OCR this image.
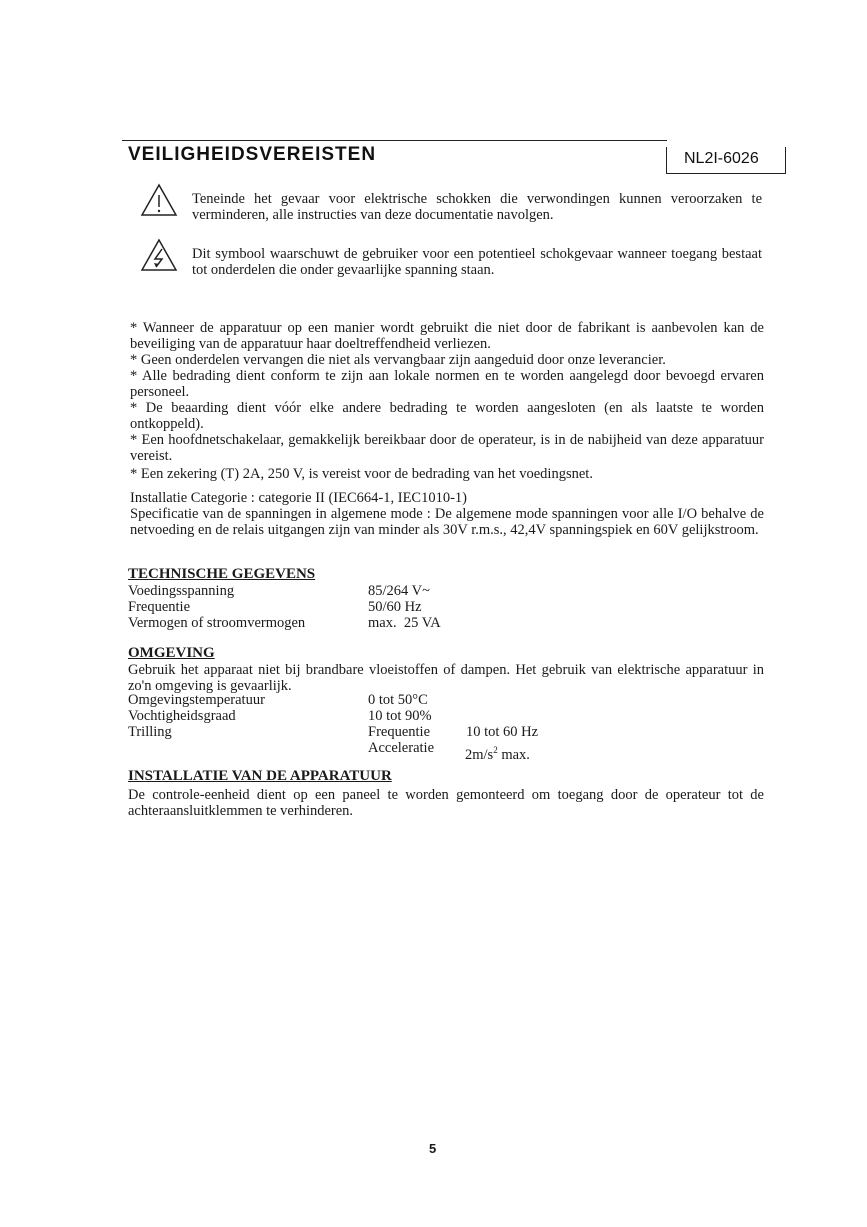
VEILIGHEIDSVEREISTEN	NL2I-6026
Teneinde het gevaar voor elektrische schokken die verwondingen kunnen veroorzaken te verminderen, alle instructies van deze documentatie navolgen.
Dit symbool waarschuwt de gebruiker voor een potentieel schokgevaar wanneer toegang bestaat tot onderdelen die onder gevaarlijke spanning staan.
* Wanneer de apparatuur op een manier wordt gebruikt die niet door de fabrikant is aanbevolen kan de beveiliging van de apparatuur haar doeltreffendheid verliezen.
* Geen onderdelen vervangen die niet als vervangbaar zijn aangeduid door onze leverancier.
* Alle bedrading dient conform te zijn aan lokale normen en te worden aangelegd door bevoegd ervaren personeel.
* De beaarding dient vóór elke andere bedrading te worden aangesloten (en als laatste te worden ontkoppeld).
* Een hoofdnetschakelaar, gemakkelijk bereikbaar door de operateur, is in de nabijheid van deze apparatuur vereist.
* Een zekering (T) 2A, 250 V, is vereist voor de bedrading van het voedingsnet.
Installatie Categorie : categorie II (IEC664-1, IEC1010-1)
Specificatie van de spanningen in algemene mode : De algemene mode spanningen voor alle I/O behalve de netvoeding en de relais uitgangen zijn van minder als 30V r.m.s., 42,4V spanningspiek en 60V gelijkstroom.
TECHNISCHE GEGEVENS
Voedingsspanning	85/264 V~
Frequentie	50/60 Hz
Vermogen of stroomvermogen	max.  25 VA
OMGEVING
Gebruik het apparaat niet bij brandbare vloeistoffen of dampen. Het gebruik van elektrische apparatuur in zo'n omgeving is gevaarlijk.
Omgevingstemperatuur	0 tot 50°C
Vochtigheidsgraad	10 tot 90%
Trilling	Frequentie 10 tot 60 Hz
Acceleratie $2m/s^2$ max.
INSTALLATIE VAN DE APPARATUUR
De controle-eenheid dient op een paneel te worden gemonteerd om toegang door de operateur tot de achteraansluitklemmen te verhinderen.
5
